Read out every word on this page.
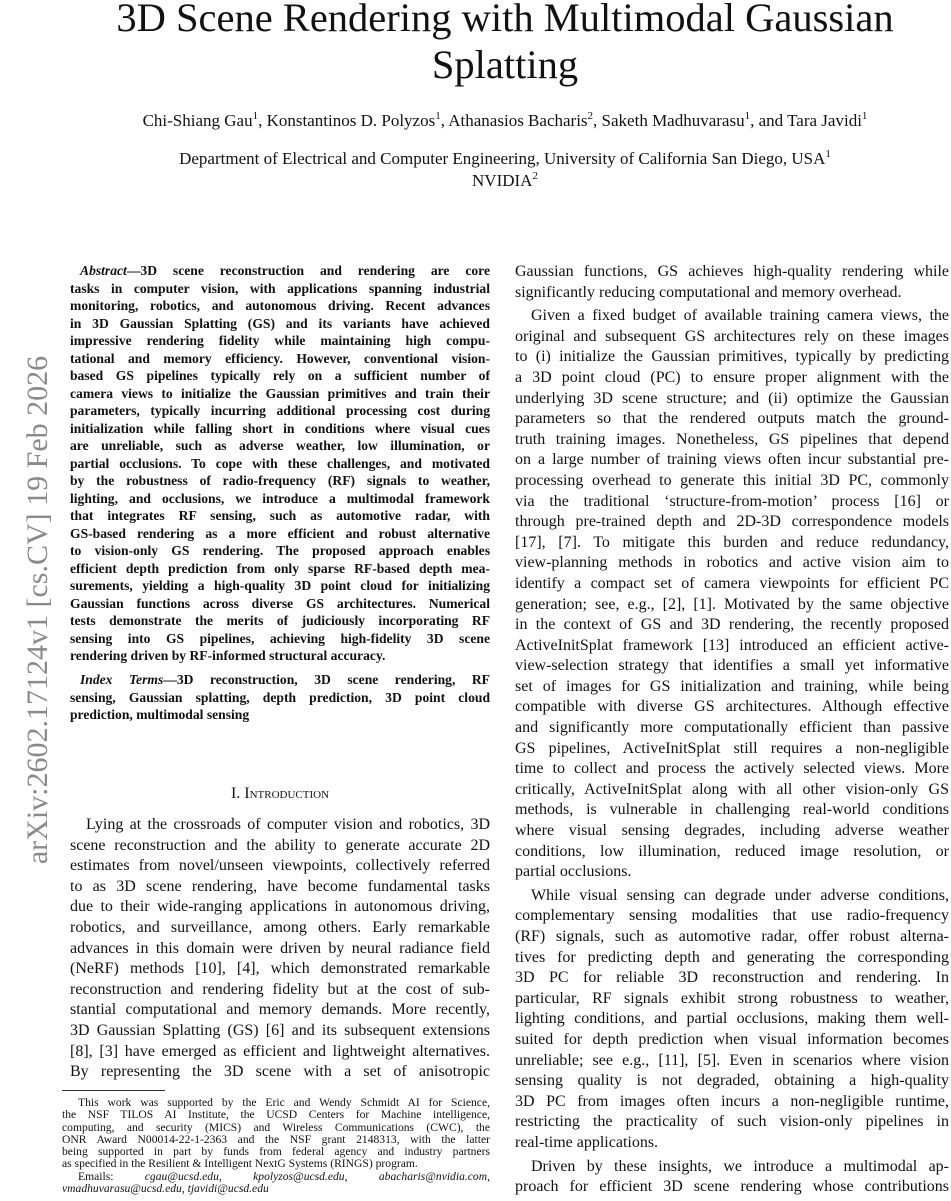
3D Scene Rendering with Multimodal Gaussian
Splatting
Chi-Shiang Gau$^1$, Konstantinos D. Polyzos$^1$, Athanasios Bacharis$^2$, Saketh Madhuvarasu$^1$, and Tara Javidi$^1$
Department of Electrical and Computer Engineering, University of California San Diego, USA$^1$
NVIDIA$^2$
arXiv:2602.17124v1 [cs.CV] 19 Feb 2026
Abstract—3D scene reconstruction and rendering are core
tasks in computer vision, with applications spanning industrial
monitoring, robotics, and autonomous driving. Recent advances
in 3D Gaussian Splatting (GS) and its variants have achieved
impressive rendering fidelity while maintaining high compu-
tational and memory efficiency. However, conventional vision-
based GS pipelines typically rely on a sufficient number of
camera views to initialize the Gaussian primitives and train their
parameters, typically incurring additional processing cost during
initialization while falling short in conditions where visual cues
are unreliable, such as adverse weather, low illumination, or
partial occlusions. To cope with these challenges, and motivated
by the robustness of radio-frequency (RF) signals to weather,
lighting, and occlusions, we introduce a multimodal framework
that integrates RF sensing, such as automotive radar, with
GS-based rendering as a more efficient and robust alternative
to vision-only GS rendering. The proposed approach enables
efficient depth prediction from only sparse RF-based depth mea-
surements, yielding a high-quality 3D point cloud for initializing
Gaussian functions across diverse GS architectures. Numerical
tests demonstrate the merits of judiciously incorporating RF
sensing into GS pipelines, achieving high-fidelity 3D scene
rendering driven by RF-informed structural accuracy.
Index Terms—3D reconstruction, 3D scene rendering, RF
sensing, Gaussian splatting, depth prediction, 3D point cloud
prediction, multimodal sensing
I. Introduction
Lying at the crossroads of computer vision and robotics, 3D
scene reconstruction and the ability to generate accurate 2D
estimates from novel/unseen viewpoints, collectively referred
to as 3D scene rendering, have become fundamental tasks
due to their wide-ranging applications in autonomous driving,
robotics, and surveillance, among others. Early remarkable
advances in this domain were driven by neural radiance field
(NeRF) methods [10], [4], which demonstrated remarkable
reconstruction and rendering fidelity but at the cost of sub-
stantial computational and memory demands. More recently,
3D Gaussian Splatting (GS) [6] and its subsequent extensions
[8], [3] have emerged as efficient and lightweight alternatives.
By representing the 3D scene with a set of anisotropic
This work was supported by the Eric and Wendy Schmidt AI for Science,
the NSF TILOS AI Institute, the UCSD Centers for Machine intelligence,
computing, and security (MICS) and Wireless Communications (CWC), the
ONR Award N00014-22-1-2363 and the NSF grant 2148313, with the latter
being supported in part by funds from federal agency and industry partners
as specified in the Resilient & Intelligent NextG Systems (RINGS) program.
Emails:	cgau@ucsd.edu, kpolyzos@ucsd.edu, abacharis@nvidia.com,
vmadhuvarasu@ucsd.edu, tjavidi@ucsd.edu
Gaussian functions, GS achieves high-quality rendering while
significantly reducing computational and memory overhead.
Given a fixed budget of available training camera views, the
original and subsequent GS architectures rely on these images
to (i) initialize the Gaussian primitives, typically by predicting
a 3D point cloud (PC) to ensure proper alignment with the
underlying 3D scene structure; and (ii) optimize the Gaussian
parameters so that the rendered outputs match the ground-
truth training images. Nonetheless, GS pipelines that depend
on a large number of training views often incur substantial pre-
processing overhead to generate this initial 3D PC, commonly
via the traditional ‘structure-from-motion’ process [16] or
through pre-trained depth and 2D-3D correspondence models
[17], [7]. To mitigate this burden and reduce redundancy,
view-planning methods in robotics and active vision aim to
identify a compact set of camera viewpoints for efficient PC
generation; see, e.g., [2], [1]. Motivated by the same objective
in the context of GS and 3D rendering, the recently proposed
ActiveInitSplat framework [13] introduced an efficient active-
view-selection strategy that identifies a small yet informative
set of images for GS initialization and training, while being
compatible with diverse GS architectures. Although effective
and significantly more computationally efficient than passive
GS pipelines, ActiveInitSplat still requires a non-negligible
time to collect and process the actively selected views. More
critically, ActiveInitSplat along with all other vision-only GS
methods, is vulnerable in challenging real-world conditions
where visual sensing degrades, including adverse weather
conditions, low illumination, reduced image resolution, or
partial occlusions.
While visual sensing can degrade under adverse conditions,
complementary sensing modalities that use radio-frequency
(RF) signals, such as automotive radar, offer robust alterna-
tives for predicting depth and generating the corresponding
3D PC for reliable 3D reconstruction and rendering. In
particular, RF signals exhibit strong robustness to weather,
lighting conditions, and partial occlusions, making them well-
suited for depth prediction when visual information becomes
unreliable; see e.g., [11], [5]. Even in scenarios where vision
sensing quality is not degraded, obtaining a high-quality
3D PC from images often incurs a non-negligible runtime,
restricting the practicality of such vision-only pipelines in
real-time applications.
Driven by these insights, we introduce a multimodal ap-
proach for efficient 3D scene rendering whose contributions
